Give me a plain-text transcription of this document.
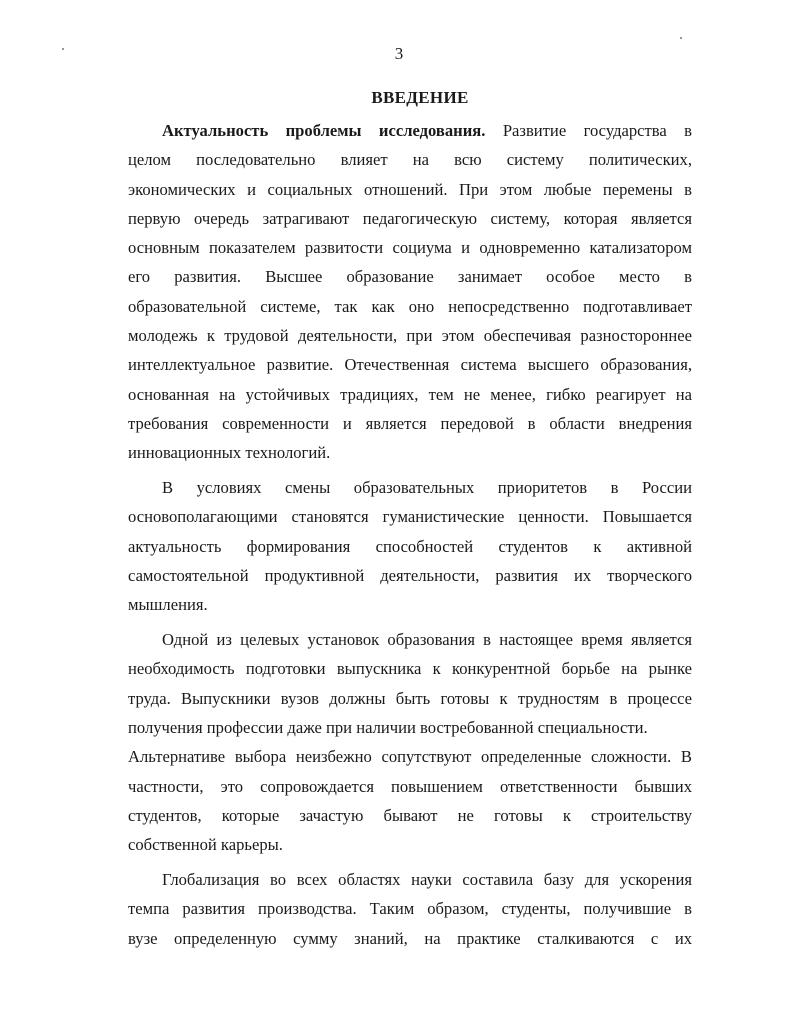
3
ВВЕДЕНИЕ
Актуальность проблемы исследования. Развитие государства в
целом последовательно влияет на всю систему политических,
экономических и социальных отношений. При этом любые перемены в
первую очередь затрагивают педагогическую систему, которая является
основным показателем развитости социума и одновременно катализатором
его развития. Высшее образование занимает особое место в
образовательной системе, так как оно непосредственно подготавливает
молодежь к трудовой деятельности, при этом обеспечивая разностороннее
интеллектуальное развитие. Отечественная система высшего образования,
основанная на устойчивых традициях, тем не менее, гибко реагирует на
требования современности и является передовой в области внедрения
инновационных технологий.
В условиях смены образовательных приоритетов в России
основополагающими становятся гуманистические ценности. Повышается
актуальность формирования способностей студентов к активной
самостоятельной продуктивной деятельности, развития их творческого
мышления.
Одной из целевых установок образования в настоящее время является
необходимость подготовки выпускника к конкурентной борьбе на рынке
труда. Выпускники вузов должны быть готовы к трудностям в процессе
получения профессии даже при наличии востребованной специальности.
Альтернативе выбора неизбежно сопутствуют определенные сложности. В
частности, это сопровождается повышением ответственности бывших
студентов, которые зачастую бывают не готовы к строительству
собственной карьеры.
Глобализация во всех областях науки составила базу для ускорения
темпа развития производства. Таким образом, студенты, получившие в
вузе определенную сумму знаний, на практике сталкиваются с их
